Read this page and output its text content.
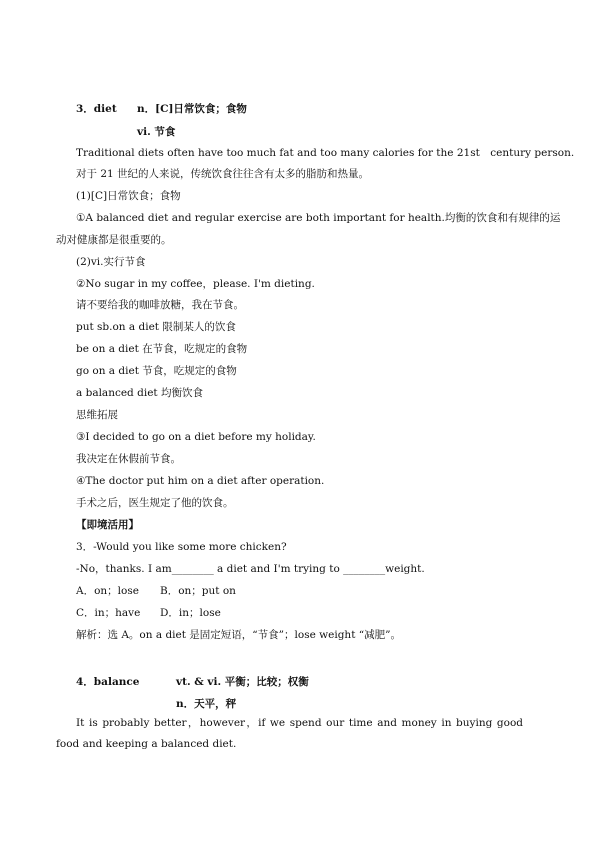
3．diet n．[C]日常饮食；食物
vi. 节食
Traditional diets often have too much fat and too many calories for the 21st　century person.
对于 21 世纪的人来说，传统饮食往往含有太多的脂肪和热量。
(1)[C]日常饮食；食物
①A balanced diet and regular exercise are both important for health.均衡的饮食和有规律的运
动对健康都是很重要的。
(2)vi.实行节食
②No sugar in my coffee，please. I'm dieting.
请不要给我的咖啡放糖，我在节食。
put sb.on a diet 限制某人的饮食
be on a diet 在节食，吃规定的食物
go on a diet 节食，吃规定的食物
a balanced diet 均衡饮食
思维拓展
③I decided to go on a diet before my holiday.
我决定在休假前节食。
④The doctor put him on a diet after operation.
手术之后，医生规定了他的饮食。
【即境活用】
3．-Would you like some more chicken?
-No，thanks. I am________ a diet and I'm trying to ________weight.
A．on；lose B．on；put on
C．in；have D．in；lose
解析：选 A。on a diet 是固定短语，“节食”；lose weight “减肥”。
4．balance	vt. & vi. 平衡；比较；权衡
n．天平，秤
It is probably better，however，if we spend our time and money in buying good food and keeping a balanced diet.
